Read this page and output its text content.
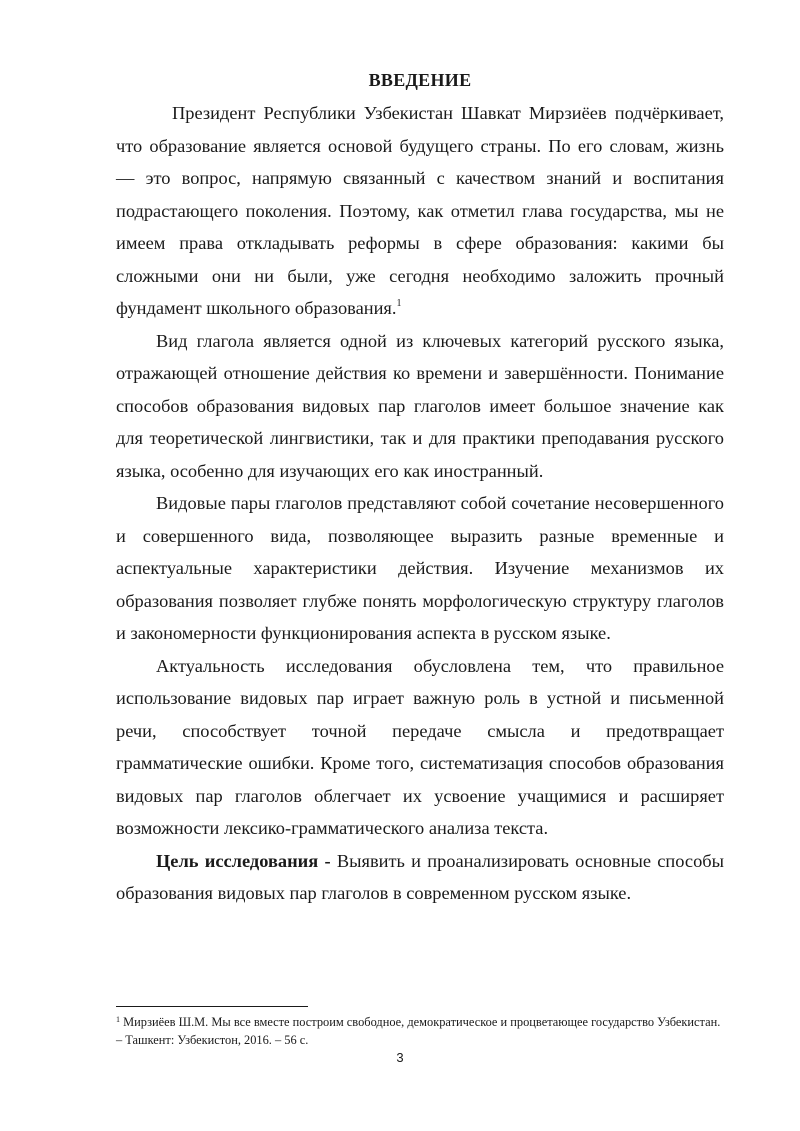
ВВЕДЕНИЕ

Президент Республики Узбекистан Шавкат Мирзиёев подчёркивает, что образование является основой будущего страны. По его словам, жизнь — это вопрос, напрямую связанный с качеством знаний и воспитания подрастающего поколения. Поэтому, как отметил глава государства, мы не имеем права откладывать реформы в сфере образования: какими бы сложными они ни были, уже сегодня необходимо заложить прочный фундамент школьного образования.$^1$

Вид глагола является одной из ключевых категорий русского языка, отражающей отношение действия ко времени и завершённости. Понимание способов образования видовых пар глаголов имеет большое значение как для теоретической лингвистики, так и для практики преподавания русского языка, особенно для изучающих его как иностранный.

Видовые пары глаголов представляют собой сочетание несовершенного и совершенного вида, позволяющее выразить разные временные и аспектуальные характеристики действия. Изучение механизмов их образования позволяет глубже понять морфологическую структуру глаголов и закономерности функционирования аспекта в русском языке.

Актуальность исследования обусловлена тем, что правильное использование видовых пар играет важную роль в устной и письменной речи, способствует точной передаче смысла и предотвращает грамматические ошибки. Кроме того, систематизация способов образования видовых пар глаголов облегчает их усвоение учащимися и расширяет возможности лексико-грамматического анализа текста.

Цель исследования - Выявить и проанализировать основные способы образования видовых пар глаголов в современном русском языке.

$^1$ Мирзиёев Ш.М. Мы все вместе построим свободное, демократическое и процветающее государство Узбекистан. – Ташкент: Узбекистон, 2016. – 56 с.
3
